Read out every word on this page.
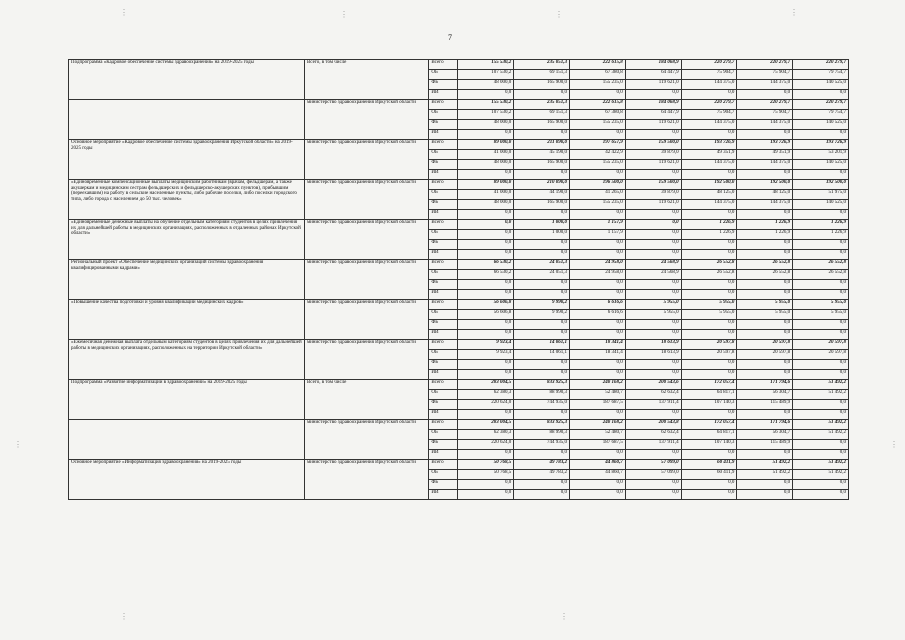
7
Подпрограмма «Кадровое обеспечение системы здравоохранения» на 2019-2025 годы	Всего, в том числе	Всего	155 530,2	235 051,3	222 615,8	184 068,9	220 279,7	220 279,7	220 279,7
		ОБ	107 530,2	69 151,3	67 380,8	64 447,9	75 904,7	75 904,7	79 754,7
		ФБ	48 000,0	165 900,0	155 235,0	119 621,0	144 375,0	144 375,0	140 525,0
		ИИ	0,0	0,0	0,0	0,0	0,0	0,0	0,0
	министерство здравоохранения Иркутской области	Всего	155 530,2	235 051,3	222 615,8	184 068,9	220 279,7	220 279,7	220 279,7
		ОБ	107 530,2	69 151,3	67 380,8	64 447,9	75 904,7	75 904,7	79 754,7
		ФБ	48 000,0	165 900,0	155 235,0	119 621,0	144 375,0	144 375,0	140 525,0
		ИИ	0,0	0,0	0,0	0,0	0,0	0,0	0,0
Основное мероприятие «Кадровое обеспечение системы здравоохранения Иркутской области» на 2019-2025 годы	министерство здравоохранения Иркутской области	Всего	89 000,0	211 090,0	197 657,9	159 500,0	193 726,9	193 726,9	193 726,9
		ОБ	41 000,0	45 190,0	42 422,9	39 879,0	49 351,9	49 351,9	53 201,9
		ФБ	48 000,0	165 900,0	155 235,0	119 621,0	144 375,0	144 375,0	140 525,0
		ИИ	0,0	0,0	0,0	0,0	0,0	0,0	0,0
«Единовременные компенсационные выплаты медицинским работникам (врачам, фельдшерам, а также акушеркам и медицинским сестрам фельдшерских и фельдшерско-акушерских пунктов), прибывшим (переехавшим) на работу в сельские населенные пункты, либо рабочие поселки, либо поселки городского типа, либо города с населением до 50 тыс. человек»	министерство здравоохранения Иркутской области	Всего	89 000,0	210 090,0	196 500,0	159 500,0	192 500,0	192 500,0	192 500,0
		ОБ	41 000,0	44 190,0	41 265,0	39 879,0	48 125,0	48 125,0	51 975,0
		ФБ	48 000,0	165 900,0	155 235,0	119 621,0	144 375,0	144 375,0	140 525,0
		ИИ	0,0	0,0	0,0	0,0	0,0	0,0	0,0
«Единовременные денежные выплаты на обучение отдельным категориям студентов в целях привлечения их для дальнейшей работы в медицинских организациях, расположенных в отдаленных районах Иркутской области»	министерство здравоохранения Иркутской области	Всего	0,0	1 000,0	1 157,9	0,0	1 226,9	1 226,9	1 226,9
		ОБ	0,0	1 000,0	1 157,9	0,0	1 226,9	1 226,9	1 226,9
		ФБ	0,0	0,0	0,0	0,0	0,0	0,0	0,0
		ИИ	0,0	0,0	0,0	0,0	0,0	0,0	0,0
Региональный проект «Обеспечение медицинских организаций системы здравоохранения квалифицированными кадрами»	министерство здравоохранения Иркутской области	Всего	66 530,2	24 051,3	24 958,0	24 568,9	26 552,8	26 552,8	26 552,8
		ОБ	66 530,2	24 051,3	24 958,0	24 568,9	26 552,8	26 552,8	26 552,8
		ФБ	0,0	0,0	0,0	0,0	0,0	0,0	0,0
		ИИ	0,0	0,0	0,0	0,0	0,0	0,0	0,0
«Повышение качества подготовки и уровня квалификации медицинских кадров»	министерство здравоохранения Иркутской области	Всего	56 606,8	9 990,2	6 616,6	5 955,0	5 955,0	5 955,0	5 955,0
		ОБ	56 606,8	9 990,2	6 616,6	5 955,0	5 955,0	5 955,0	5 955,0
		ФБ	0,0	0,0	0,0	0,0	0,0	0,0	0,0
		ИИ	0,0	0,0	0,0	0,0	0,0	0,0	0,0
«Ежемесячная денежная выплата отдельным категориям студентов в целях привлечения их для дальнейшей работы в медицинских организациях, расположенных на территории Иркутской области»	министерство здравоохранения Иркутской области	Всего	9 923,4	14 061,1	18 341,4	18 613,9	20 597,8	20 597,8	20 597,8
		ОБ	9 923,4	14 061,1	18 341,4	18 613,9	20 597,8	20 597,8	20 597,8
		ФБ	0,0	0,0	0,0	0,0	0,0	0,0	0,0
		ИИ	0,0	0,0	0,0	0,0	0,0	0,0	0,0
Подпрограмма «Развитие информатизации в здравоохранении» на 2019-2025 годы	Всего, в том числе	Всего	283 004,5	833 925,3	240 168,2	200 543,6	172 057,4	171 794,6	51 492,2
		ОБ	62 380,3	88 990,3	52 480,7	62 632,4	64 817,1	56 304,7	51 492,2
		ФБ	220 624,0	744 935,0	187 687,5	137 911,4	107 140,3	115 489,9	0,0
		ИИ	0,0	0,0	0,0	0,0	0,0	0,0	0,0
	министерство здравоохранения Иркутской области	Всего	283 004,5	833 925,3	240 168,2	200 543,8	172 057,4	171 794,6	51 492,2
		ОБ	62 380,3	88 990,3	52 480,7	62 632,4	64 817,1	56 304,7	51 492,2
		ФБ	220 624,0	744 935,0	187 687,5	137 911,4	107 140,3	115 489,9	0,0
		ИИ	0,0	0,0	0,0	0,0	0,0	0,0	0,0
Основное мероприятие «Информатизация здравоохранения» на 2019-2025 годы	министерство здравоохранения Иркутской области	Всего	50 768,5	49 783,2	44 860,7	57 099,0	60 411,9	51 492,2	51 492,2
		ОБ	50 768,5	49 783,2	44 860,7	57 099,0	60 411,9	51 492,2	51 492,2
		ФБ	0,0	0,0	0,0	0,0	0,0	0,0	0,0
		ИИ	0,0	0,0	0,0	0,0	0,0	0,0	0,0
⋮	⋮	⋮	⋮
⋮
⋮	⋮
⋮
